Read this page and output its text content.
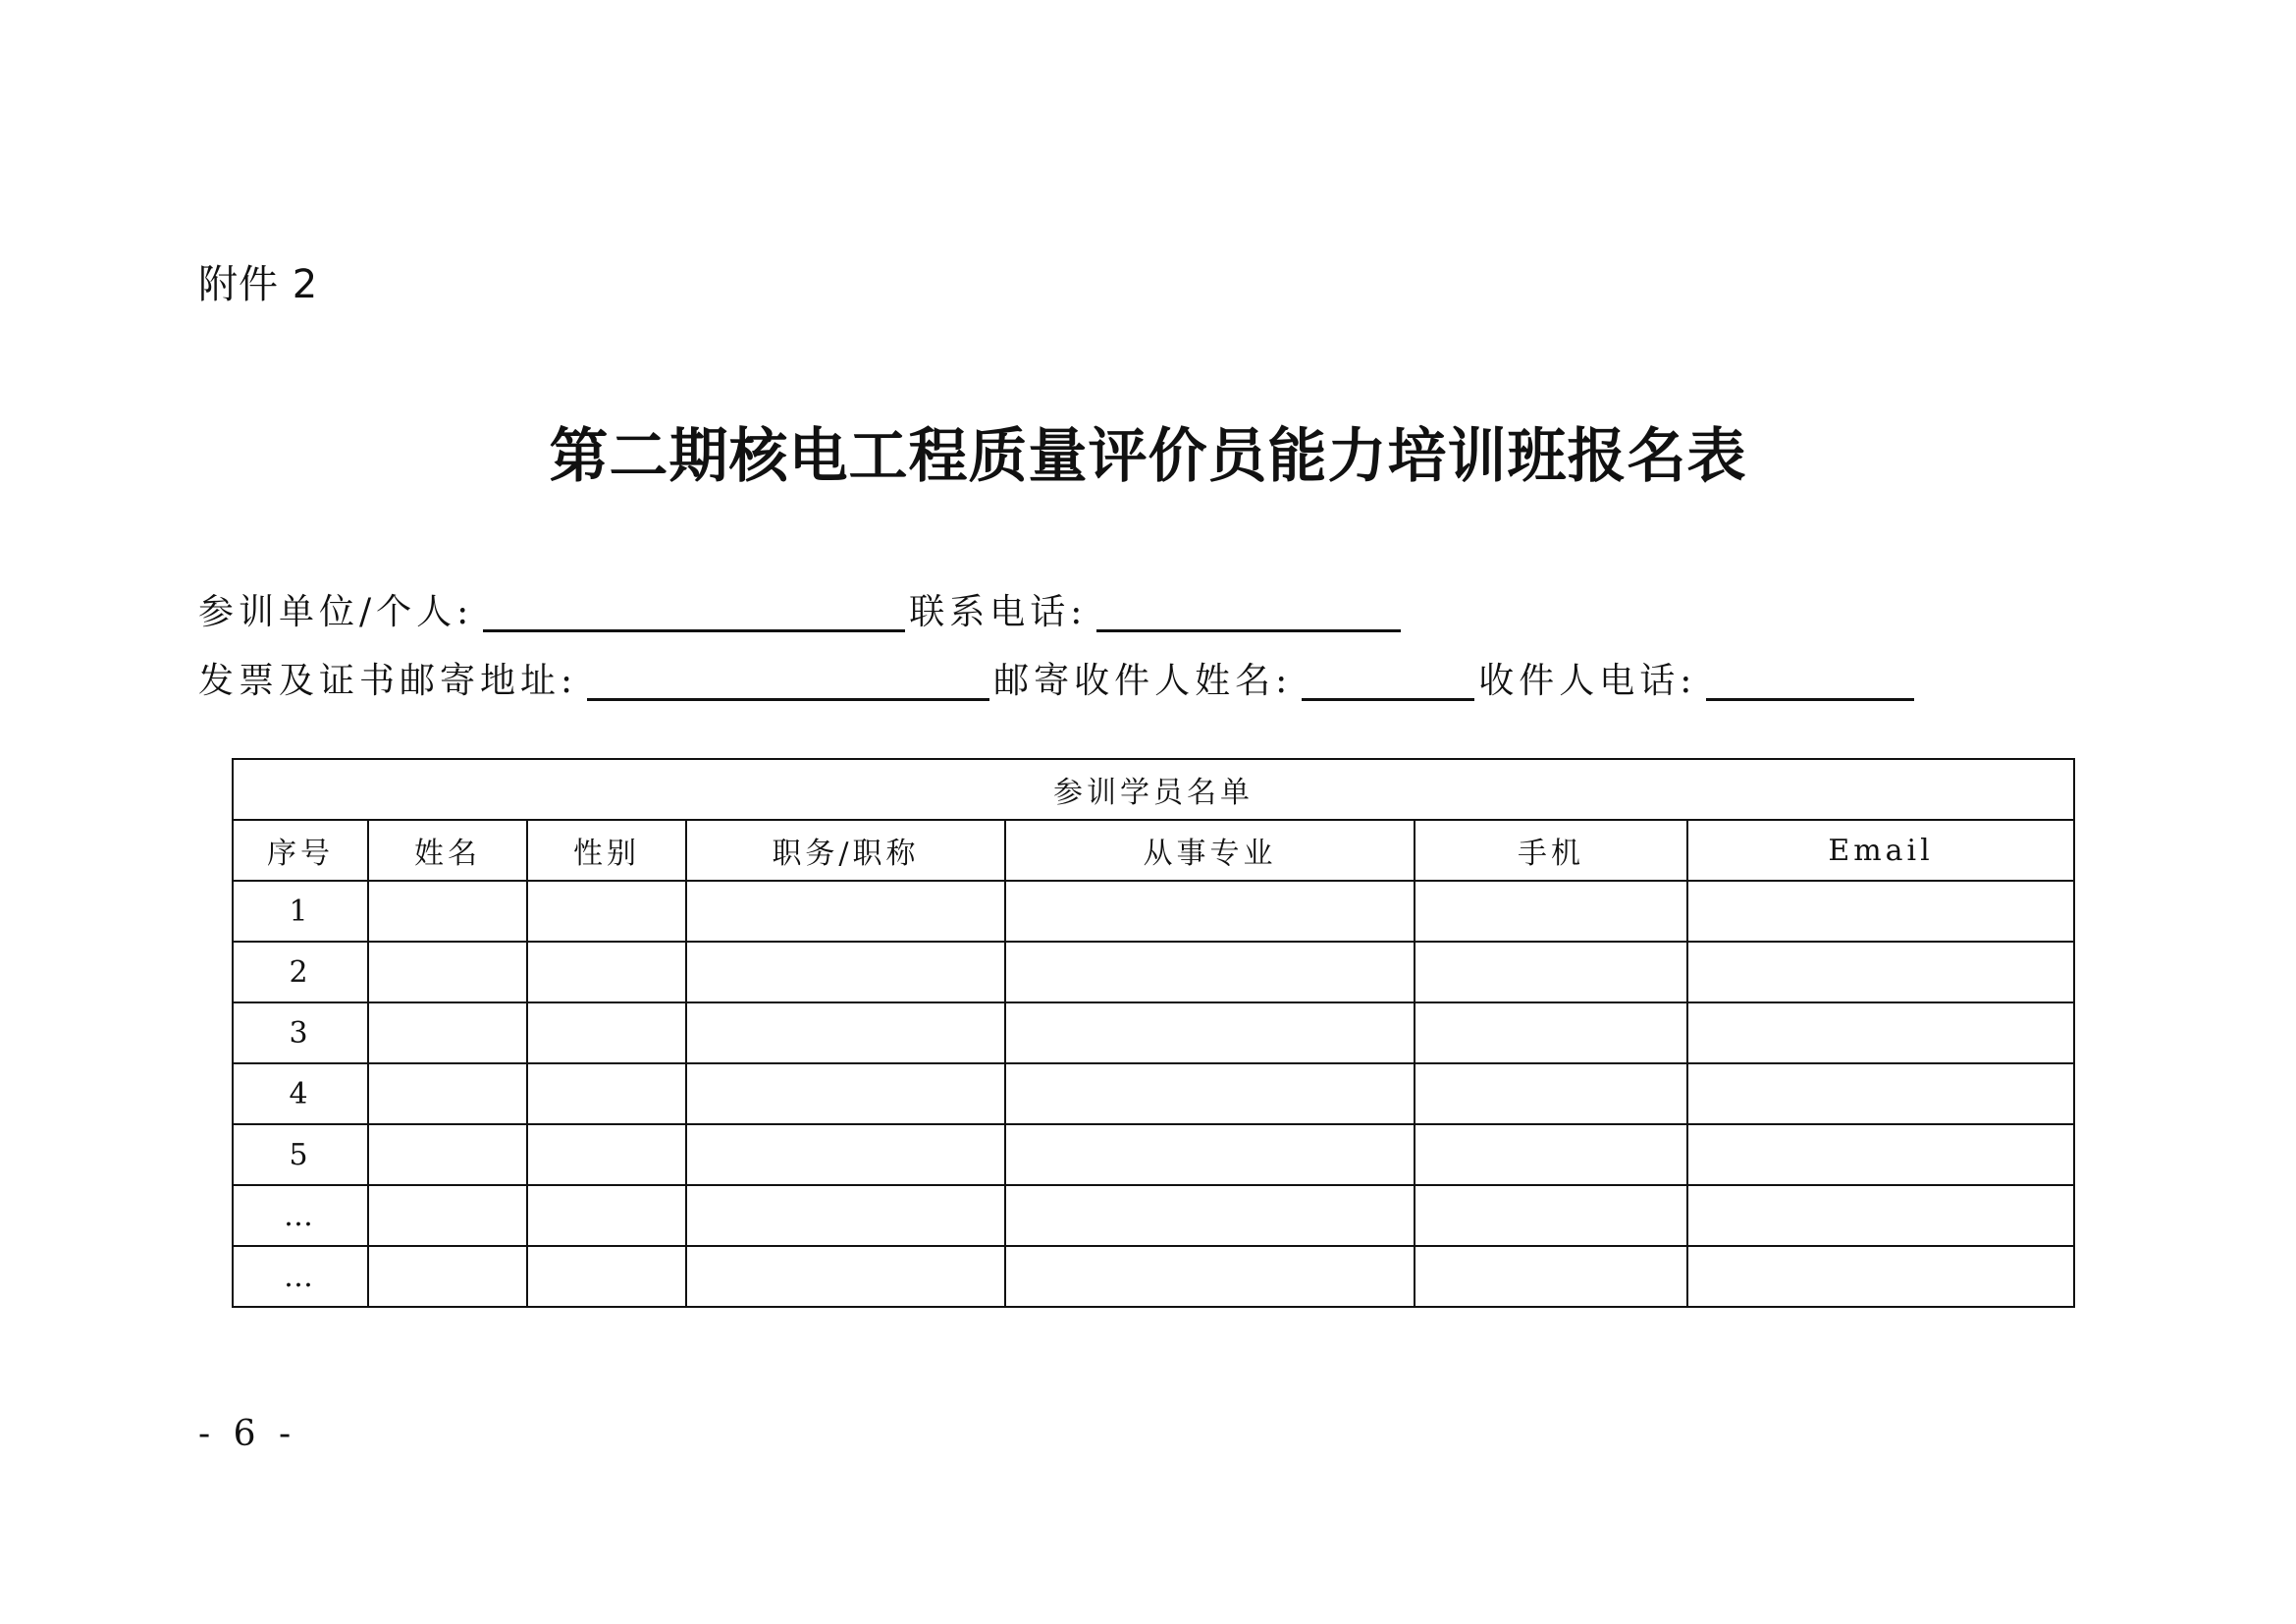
附件 2
第二期核电工程质量评价员能力培训班报名表
参训单位/个人:	联系电话:
发票及证书邮寄地址:	邮寄收件人姓名:	收件人电话:
参训学员名单						
序号	姓名	性别	职务/职称	从事专业	手机	Email
1						
2						
3						
4						
5						
…						
…						
- 6 -
